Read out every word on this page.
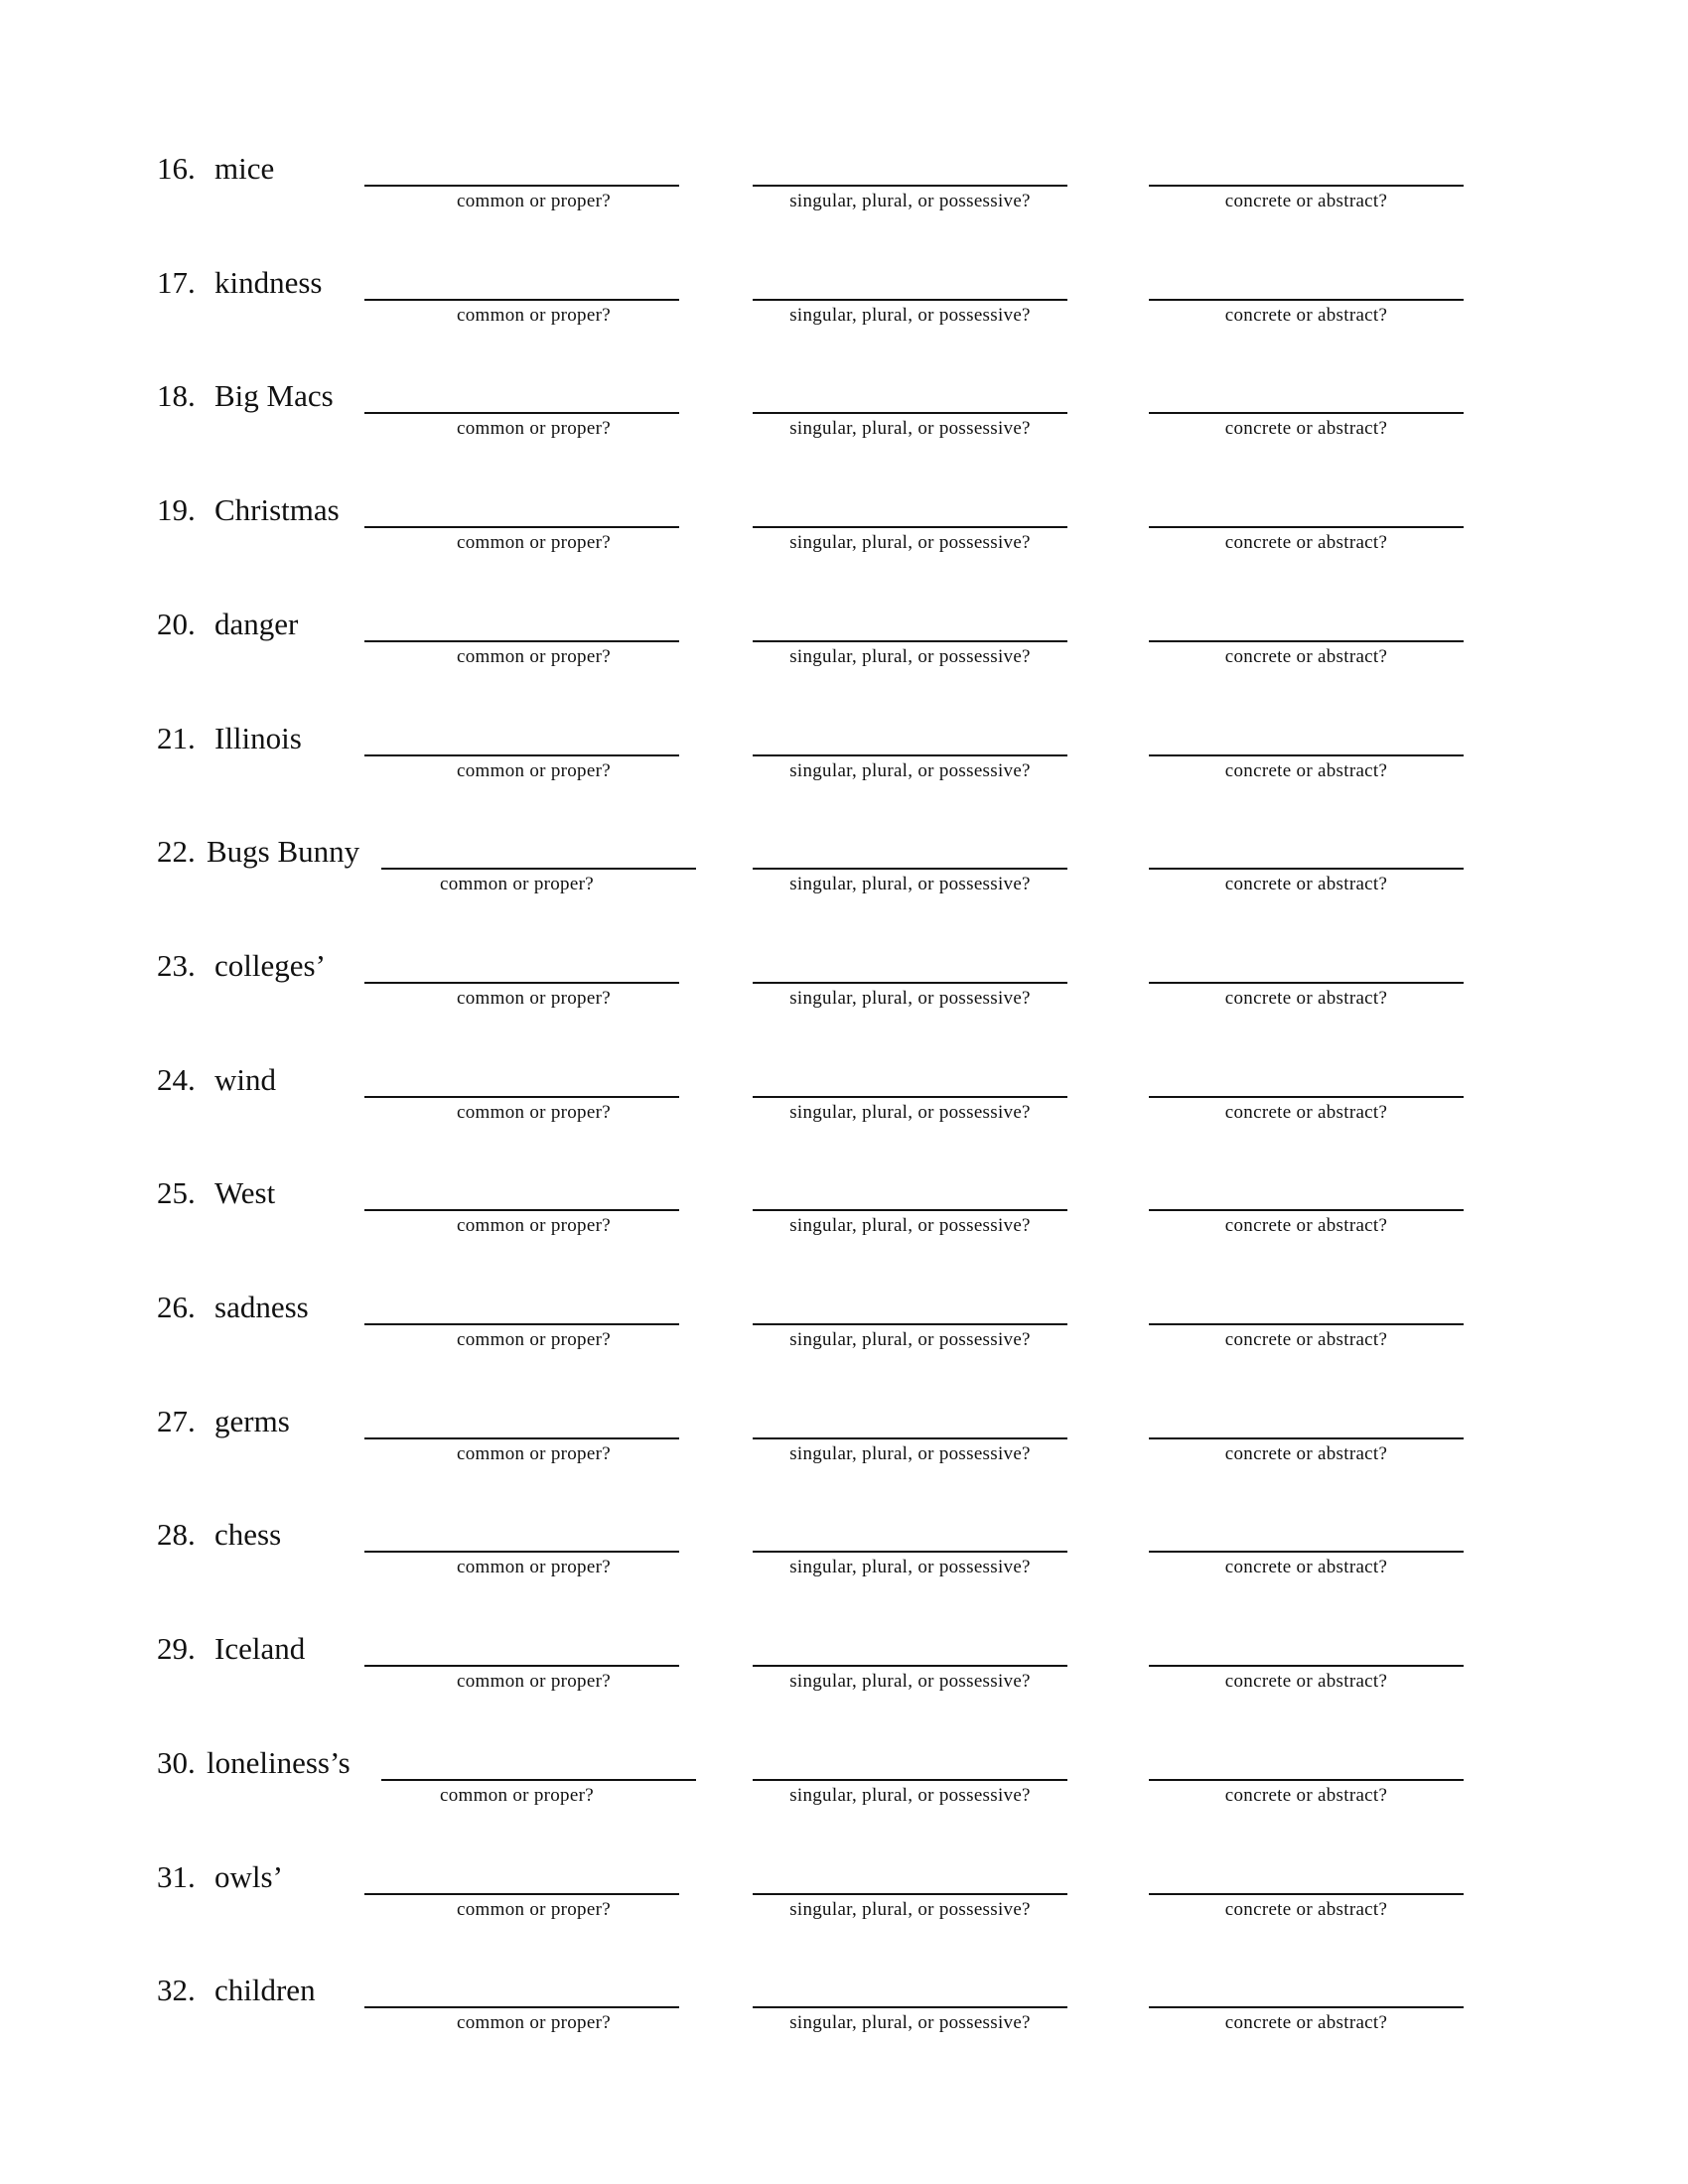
16. mice
common or proper?	singular, plural, or possessive?	concrete or abstract?
17. kindness
common or proper?	singular, plural, or possessive?	concrete or abstract?
18. Big Macs
common or proper?	singular, plural, or possessive?	concrete or abstract?
19. Christmas
common or proper?	singular, plural, or possessive?	concrete or abstract?
20. danger
common or proper?	singular, plural, or possessive?	concrete or abstract?
21. Illinois
common or proper?	singular, plural, or possessive?	concrete or abstract?
22. Bugs Bunny
common or proper?	singular, plural, or possessive?	concrete or abstract?
23. colleges’
common or proper?	singular, plural, or possessive?	concrete or abstract?
24. wind
common or proper?	singular, plural, or possessive?	concrete or abstract?
25. West
common or proper?	singular, plural, or possessive?	concrete or abstract?
26. sadness
common or proper?	singular, plural, or possessive?	concrete or abstract?
27. germs
common or proper?	singular, plural, or possessive?	concrete or abstract?
28. chess
common or proper?	singular, plural, or possessive?	concrete or abstract?
29. Iceland
common or proper?	singular, plural, or possessive?	concrete or abstract?
30. loneliness’s
common or proper?	singular, plural, or possessive?	concrete or abstract?
31. owls’
common or proper?	singular, plural, or possessive?	concrete or abstract?
32. children
common or proper?	singular, plural, or possessive?	concrete or abstract?
